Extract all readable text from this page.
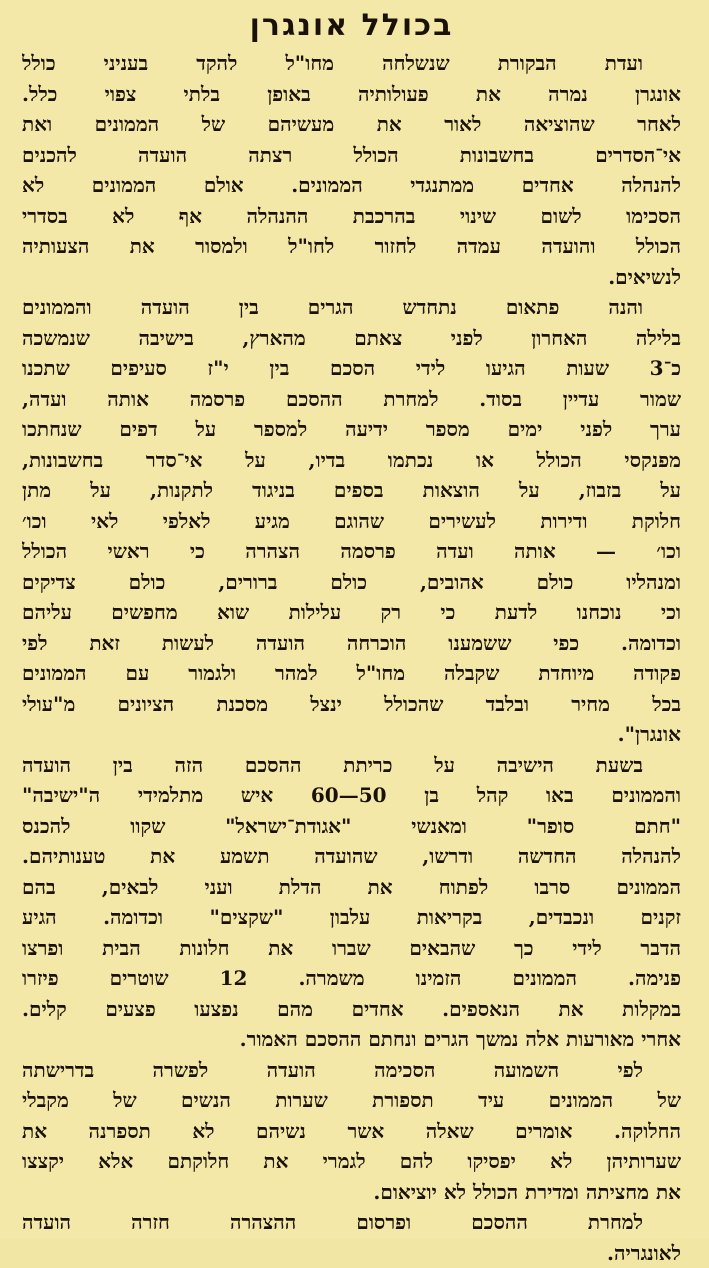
בכולל אונגרן
ועדת הבקורת שנשלחה מחו"ל להקד בעניני כולל
אונגרן נמרה את פעולותיה באופן בלתי צפוי כלל.
לאחר שהוציאה לאור את מעשיהם של הממונים ואת
אי־הסדרים בחשבונות הכולל רצתה הועדה להכנים
להנהלה אחדים ממתנגדי הממונים. אולם הממונים לא
הסכימו לשום שינוי בהרכבת ההנהלה אף לא בסדרי
הכולל והועדה עמדה לחזור לחו"ל ולמסור את הצעותיה
לנשיאים.
והנה פתאום נתחדש הגרים בין הועדה והממונים
בלילה האחרון לפני צאתם מהארץ, בישיבה שנמשכה
כ־3 שעות הגיעו לידי הסכם בין י"ז סעיפים שתכנו
שמור עדיין בסוד. למחרת ההסכם פרסמה אותה ועדה,
ערך לפני ימים מספר ידיעה למספר על דפים שנחתכו
מפנקסי הכולל או נכתמו בדיו, על אי־סדר בחשבונות,
על בזבוז, על הוצאות בספים בניגוד לתקנות, על מתן
חלוקת ודירות לעשירים שהוגם מגיע לאלפי לאי וכו׳
וכו׳ — אותה ועדה פרסמה הצהרה כי ראשי הכולל
ומנהליו כולם אהובים, כולם ברורים, כולם צדיקים
וכי נוכחנו לדעת כי רק עלילות שוא מחפשים עליהם
וכדומה. כפי ששמענו הוכרחה הועדה לעשות זאת לפי
פקודה מיוחדת שקבלה מחו"ל למהר ולגמור עם הממונים
בכל מחיר ובלבד שהכולל ינצל מסכנת הציונים מ"עולי
אונגרן".
בשעת הישיבה על כריתת ההסכם הזה בין הועדה
והממונים באו קהל בן 50—60 איש מתלמידי ה"ישיבה"
"חתם סופר" ומאנשי "אגודת־ישראל" שקוו להכנס
להנהלה החדשה ודרשו, שהועדה תשמע את טענותיהם.
הממונים סרבו לפתוח את הדלת ועני לבאים, בהם
זקנים ונכבדים, בקריאות עלבון "שקצים" וכדומה. הגיע
הדבר לידי כך שהבאים שברו את חלונות הבית ופרצו
פנימה. הממונים הזמינו משמרה. 12 שוטרים פיזרו
במקלות את הנאספים. אחדים מהם נפצעו פצעים קלים.
אחרי מאורעות אלה נמשך הגרים ונחתם ההסכם האמור.
לפי השמועה הסכימה הועדה לפשרה בדרישתה
של הממונים עיד תספורת שערות הנשים של מקבלי
החלוקה. אומרים שאלה אשר נשיהם לא תספרנה את
שערותיהן לא יפסיקו להם לגמרי את חלוקתם אלא יקצצו
את מחציתה ומדירת הכולל לא יוציאום.
למחרת ההסכם ופרסום ההצהרה חזרה הועדה
לאונגריה.
